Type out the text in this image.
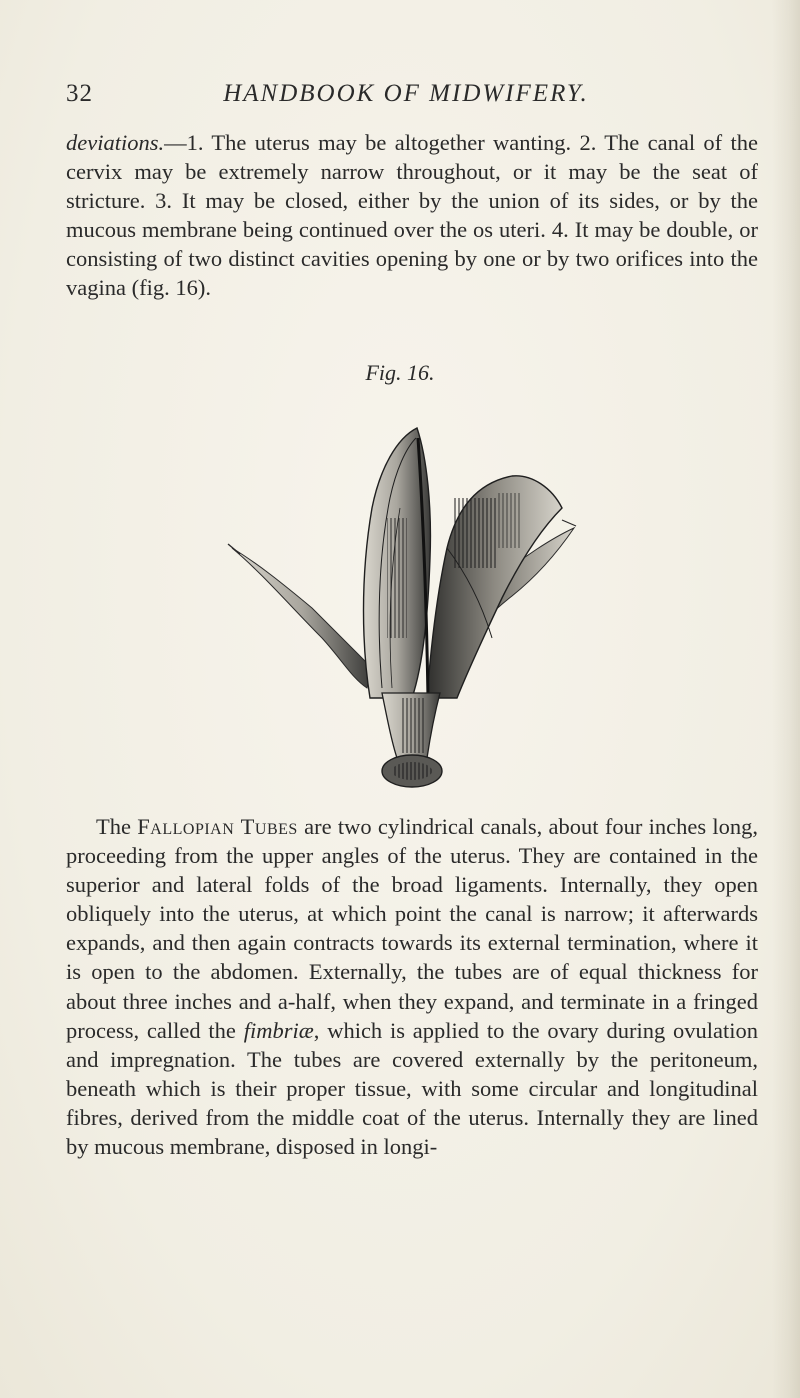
32	HANDBOOK OF MIDWIFERY.

deviations.—1. The uterus may be altogether wanting. 2. The canal of the cervix may be extremely narrow throughout, or it may be the seat of stricture. 3. It may be closed, either by the union of its sides, or by the mucous membrane being continued over the os uteri. 4. It may be double, or consisting of two distinct cavities opening by one or by two orifices into the vagina (fig. 16).

Fig. 16.

The Fallopian Tubes are two cylindrical canals, about four inches long, proceeding from the upper angles of the uterus. They are contained in the superior and lateral folds of the broad ligaments. Internally, they open obliquely into the uterus, at which point the canal is narrow; it afterwards expands, and then again contracts towards its external termination, where it is open to the abdomen. Externally, the tubes are of equal thickness for about three inches and a-half, when they expand, and terminate in a fringed process, called the fimbriæ, which is applied to the ovary during ovulation and impregnation. The tubes are covered externally by the peritoneum, beneath which is their proper tissue, with some circular and longitudinal fibres, derived from the middle coat of the uterus. Internally they are lined by mucous membrane, disposed in longi-
